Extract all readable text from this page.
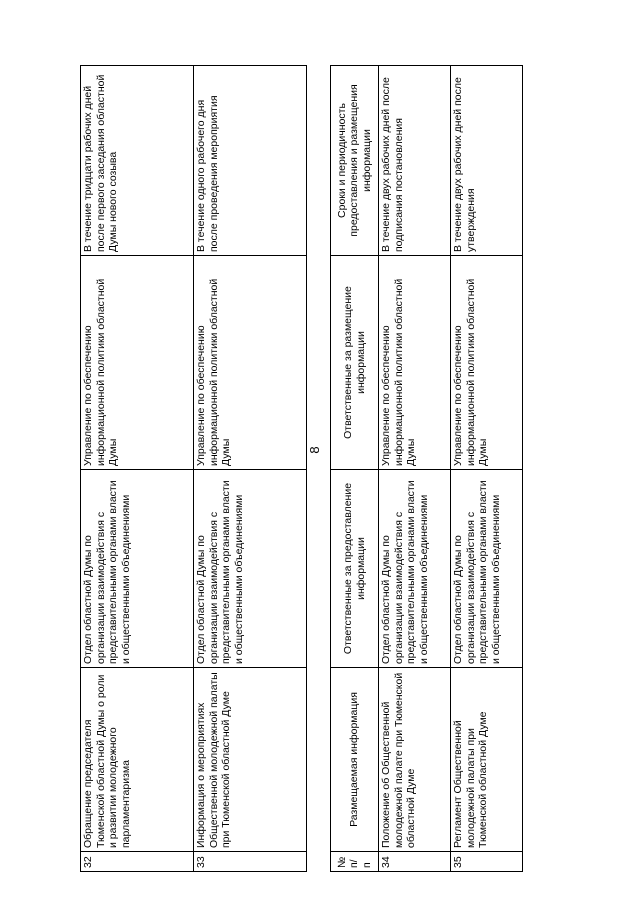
8
32	Обращение председателя Тюменской областной Думы о роли и развитии молодежного парламентаризма	Отдел областной Думы по организации взаимодействия с представительными органами власти и общественными объединениями	Управление по обеспечению информационной политики областной Думы	В течение тридцати рабочих дней после первого заседания областной Думы нового созыва
33	Информация о мероприятиях Общественной молодежной палаты при Тюменской областной Думе	Отдел областной Думы по организации взаимодействия с представительными органами власти и общественными объединениями	Управление по обеспечению информационной политики областной Думы	В течение одного рабочего дня после проведения мероприятия
№ п/п	Размещаемая информация	Ответственные за предоставление информации	Ответственные за размещение информации	Сроки и периодичность предоставления и размещения информации
34	Положение об Общественной молодежной палате при Тюменской областной Думе	Отдел областной Думы по организации взаимодействия с представительными органами власти и общественными объединениями	Управление по обеспечению информационной политики областной Думы	В течение двух рабочих дней после подписания постановления
35	Регламент Общественной молодежной палаты при Тюменской областной Думе	Отдел областной Думы по организации взаимодействия с представительными органами власти и общественными объединениями	Управление по обеспечению информационной политики областной Думы	В течение двух рабочих дней после утверждения
